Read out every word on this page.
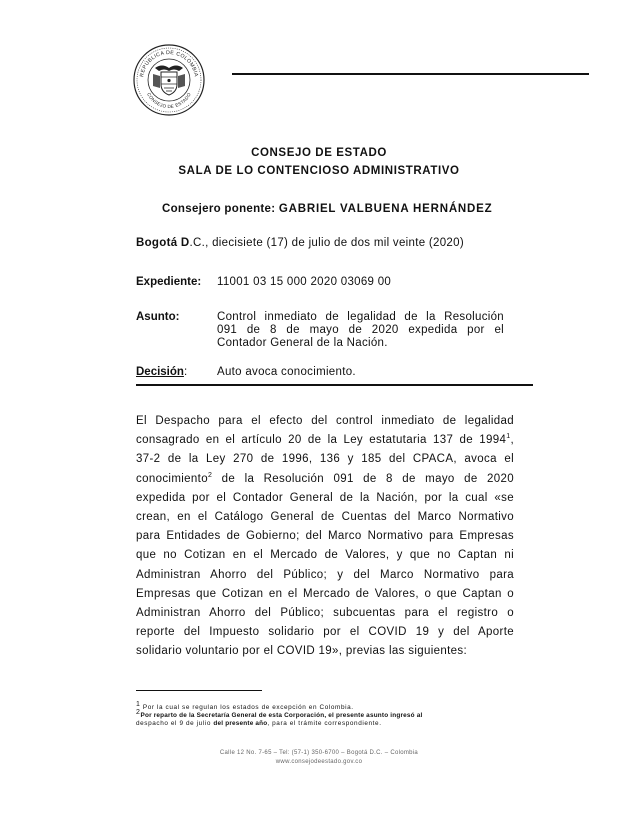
REPÚBLICA DE COLOMBIA
CONSEJO DE ESTADO
CONSEJO DE ESTADO
SALA DE LO CONTENCIOSO ADMINISTRATIVO
Consejero ponente: GABRIEL VALBUENA HERNÁNDEZ
Bogotá D.C., diecisiete (17) de julio de dos mil veinte (2020)
Expediente: 11001 03 15 000 2020 03069 00
Asunto:	Control inmediato de legalidad de la Resolución
091 de 8 de mayo de 2020 expedida por el
Contador General de la Nación.
Decisión:	Auto avoca conocimiento.
El Despacho para el efecto del control inmediato de legalidad
consagrado en el artículo 20 de la Ley estatutaria 137 de 1994$^1$,
37-2 de la Ley 270 de 1996, 136 y 185 del CPACA, avoca el
conocimiento$^2$ de la Resolución 091 de 8 de mayo de 2020
expedida por el Contador General de la Nación, por la cual «se
crean, en el Catálogo General de Cuentas del Marco Normativo
para Entidades de Gobierno; del Marco Normativo para Empresas
que no Cotizan en el Mercado de Valores, y que no Captan ni
Administran Ahorro del Público; y del Marco Normativo para
Empresas que Cotizan en el Mercado de Valores, o que Captan o
Administran Ahorro del Público; subcuentas para el registro o
reporte del Impuesto solidario por el COVID 19 y del Aporte
solidario voluntario por el COVID 19», previas las siguientes:
$^1$ Por la cual se regulan los estados de excepción en Colombia.
$^2$Por reparto de la Secretaría General de esta Corporación, el presente asunto ingresó al
despacho el 9 de julio del presente año, para el trámite correspondiente.
Calle 12 No. 7-65 – Tel: (57-1) 350-6700 – Bogotá D.C. – Colombia
www.consejodeestado.gov.co
